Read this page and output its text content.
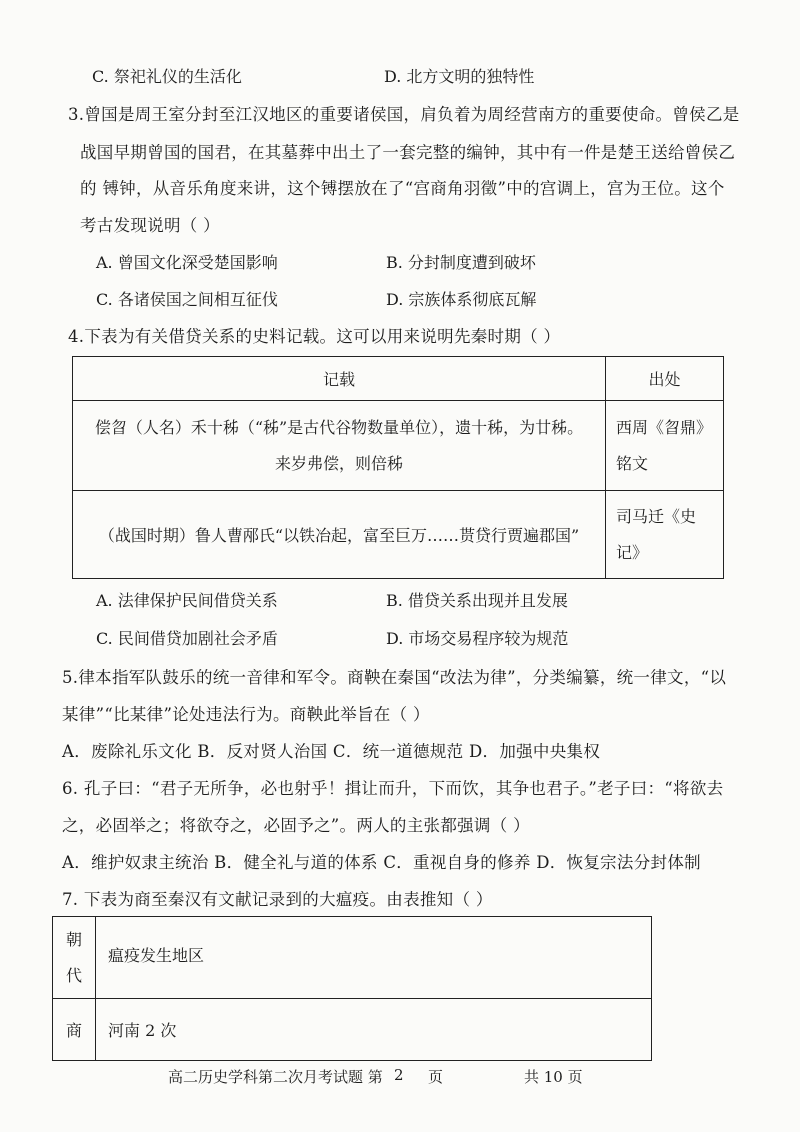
C. 祭祀礼仪的生活化	D. 北方文明的独特性
3.曾国是周王室分封至江汉地区的重要诸侯国，肩负着为周经营南方的重要使命。曾侯乙是
战国早期曾国的国君，在其墓葬中出土了一套完整的编钟，其中有一件是楚王送给曾侯乙
的 镈钟，从音乐角度来讲，这个镈摆放在了“宫商角羽徵”中的宫调上，宫为王位。这个
考古发现说明（ ）
A. 曾国文化深受楚国影响	B. 分封制度遭到破坏
C. 各诸侯国之间相互征伐	D. 宗族体系彻底瓦解
4.下表为有关借贷关系的史料记载。这可以用来说明先秦时期（ ）
记载	出处

偿曶（人名）禾十秭（“秭”是古代谷物数量单位），遗十秭，为廿秭。
来岁弗偿，则倍秭	西周《曶鼎》
铭文

（战国时期）鲁人曹邴氏“以铁冶起，富至巨万……贳贷行贾遍郡国”	司马迁《史
记》
A. 法律保护民间借贷关系	B. 借贷关系出现并且发展
C. 民间借贷加剧社会矛盾	D. 市场交易程序较为规范
5.律本指军队鼓乐的统一音律和军令。商鞅在秦国“改法为律”，分类编纂，统一律文，“以
某律”“比某律”论处违法行为。商鞅此举旨在（ ）
A．废除礼乐文化 B．反对贤人治国 C．统一道德规范 D．加强中央集权
6. 孔子曰：“君子无所争，必也射乎！揖让而升，下而饮，其争也君子。”老子曰：“将欲去
之，必固举之；将欲夺之，必固予之”。两人的主张都强调（ ）
A．维护奴隶主统治 B．健全礼与道的体系 C．重视自身的修养 D．恢复宗法分封体制
7. 下表为商至秦汉有文献记录到的大瘟疫。由表推知（ ）
朝
代	瘟疫发生地区
商	河南 2 次
高二历史学科第二次月考试题 第 2 页	共 10 页
